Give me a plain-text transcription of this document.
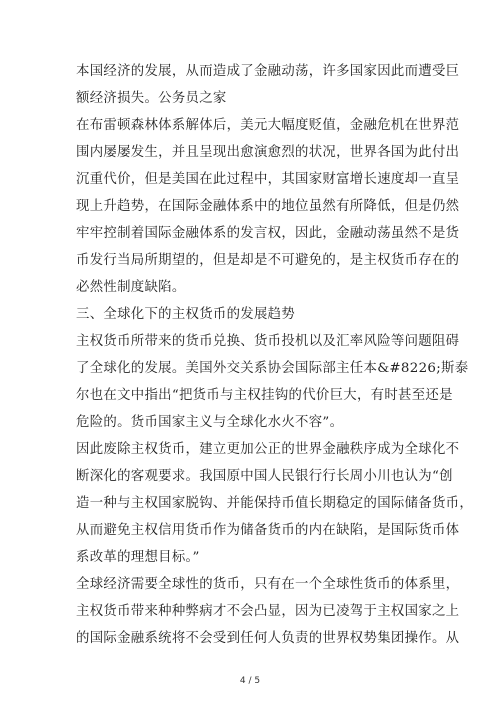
本国经济的发展，从而造成了金融动荡，许多国家因此而遭受巨
额经济损失。公务员之家
在布雷顿森林体系解体后，美元大幅度贬值，金融危机在世界范
围内屡屡发生，并且呈现出愈演愈烈的状况，世界各国为此付出
沉重代价，但是美国在此过程中，其国家财富增长速度却一直呈
现上升趋势，在国际金融体系中的地位虽然有所降低，但是仍然
牢牢控制着国际金融体系的发言权，因此，金融动荡虽然不是货
币发行当局所期望的，但是却是不可避免的，是主权货币存在的
必然性制度缺陷。
三、全球化下的主权货币的发展趋势
主权货币所带来的货币兑换、货币投机以及汇率风险等问题阻碍
了全球化的发展。美国外交关系协会国际部主任本&#8226;斯泰
尔也在文中指出“把货币与主权挂钩的代价巨大，有时甚至还是
危险的。货币国家主义与全球化水火不容”。
因此废除主权货币，建立更加公正的世界金融秩序成为全球化不
断深化的客观要求。我国原中国人民银行行长周小川也认为“创
造一种与主权国家脱钩、并能保持币值长期稳定的国际储备货币，
从而避免主权信用货币作为储备货币的内在缺陷，是国际货币体
系改革的理想目标。”
全球经济需要全球性的货币，只有在一个全球性货币的体系里，
主权货币带来种种弊病才不会凸显，因为已凌驾于主权国家之上
的国际金融系统将不会受到任何人负责的世界权势集团操作。从
4 / 5
